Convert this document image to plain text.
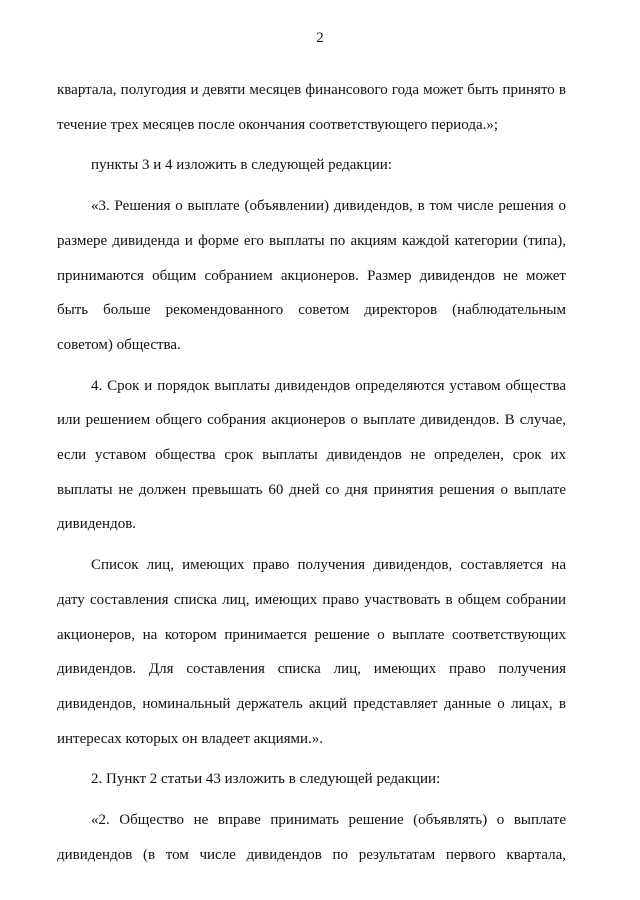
2

квартала, полугодия и девяти месяцев финансового года может быть принято в течение трех месяцев после окончания соответствующего периода.»;

пункты 3 и 4 изложить в следующей редакции:

«3. Решения о выплате (объявлении) дивидендов, в том числе решения о размере дивиденда и форме его выплаты по акциям каждой категории (типа), принимаются общим собранием акционеров. Размер дивидендов не может быть больше рекомендованного советом директоров (наблюдательным советом) общества.

4. Срок и порядок выплаты дивидендов определяются уставом общества или решением общего собрания акционеров о выплате дивидендов. В случае, если уставом общества срок выплаты дивидендов не определен, срок их выплаты не должен превышать 60 дней со дня принятия решения о выплате дивидендов.

Список лиц, имеющих право получения дивидендов, составляется на дату составления списка лиц, имеющих право участвовать в общем собрании акционеров, на котором принимается решение о выплате соответствующих дивидендов. Для составления списка лиц, имеющих право получения дивидендов, номинальный держатель акций представляет данные о лицах, в интересах которых он владеет акциями.».

2. Пункт 2 статьи 43 изложить в следующей редакции:

«2. Общество не вправе принимать решение (объявлять) о выплате дивидендов (в том числе дивидендов по результатам первого квартала,
